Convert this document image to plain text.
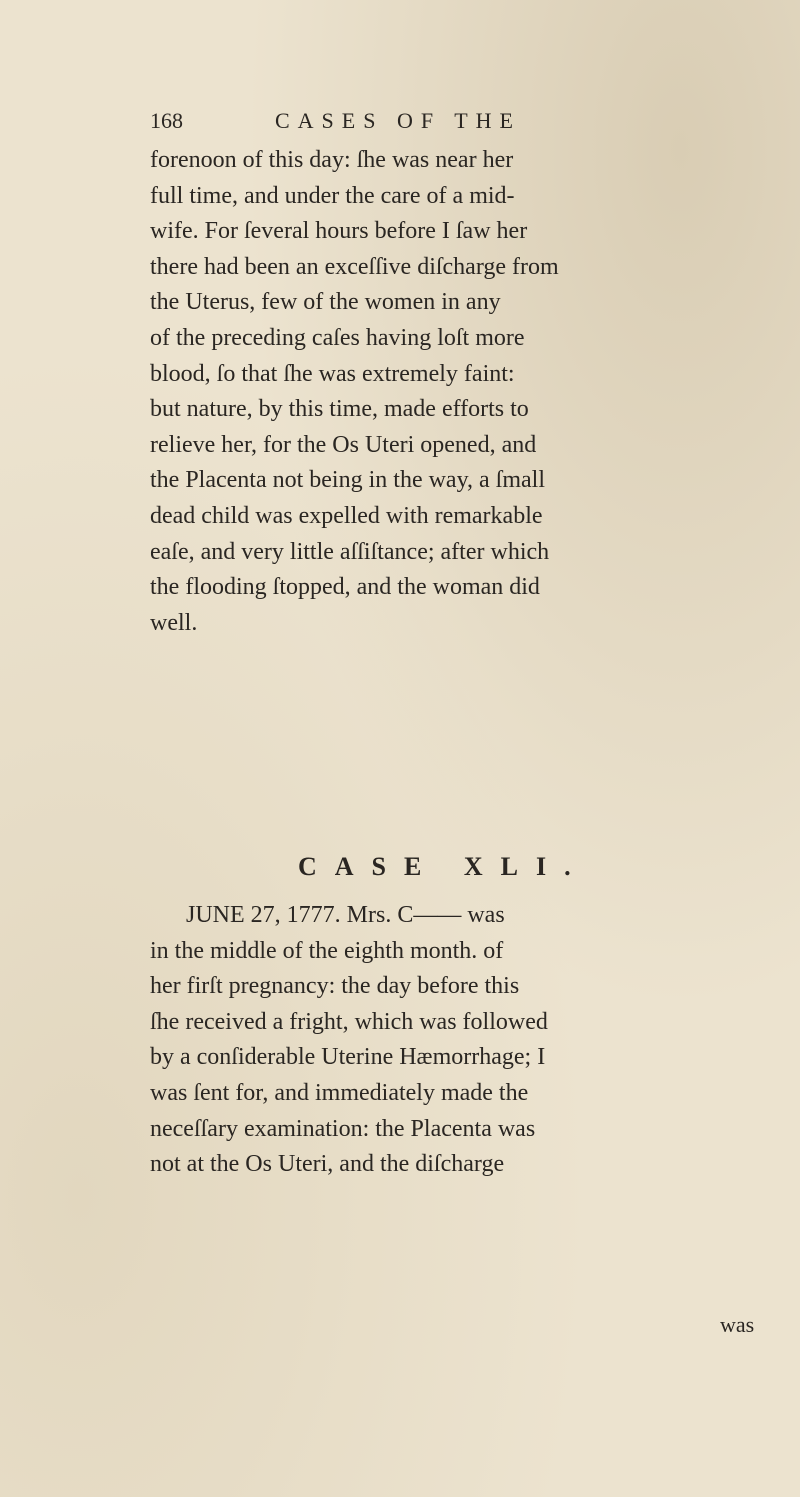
168	CASES OF THE
forenoon of this day: ſhe was near her
full time, and under the care of a mid-
wife. For ſeveral hours before I ſaw her
there had been an exceſſive diſcharge from
the Uterus, few of the women in any
of the preceding caſes having loſt more
blood, ſo that ſhe was extremely faint:
but nature, by this time, made efforts to
relieve her, for the Os Uteri opened, and
the Placenta not being in the way, a ſmall
dead child was expelled with remarkable
eaſe, and very little aſſiſtance; after which
the flooding ſtopped, and the woman did
well.
CASE XLI.
JUNE 27, 1777. Mrs. C—— was
in the middle of the eighth month. of
her firſt pregnancy: the day before this
ſhe received a fright, which was followed
by a conſiderable Uterine Hæmorrhage; I
was ſent for, and immediately made the
neceſſary examination: the Placenta was
not at the Os Uteri, and the diſcharge
was
